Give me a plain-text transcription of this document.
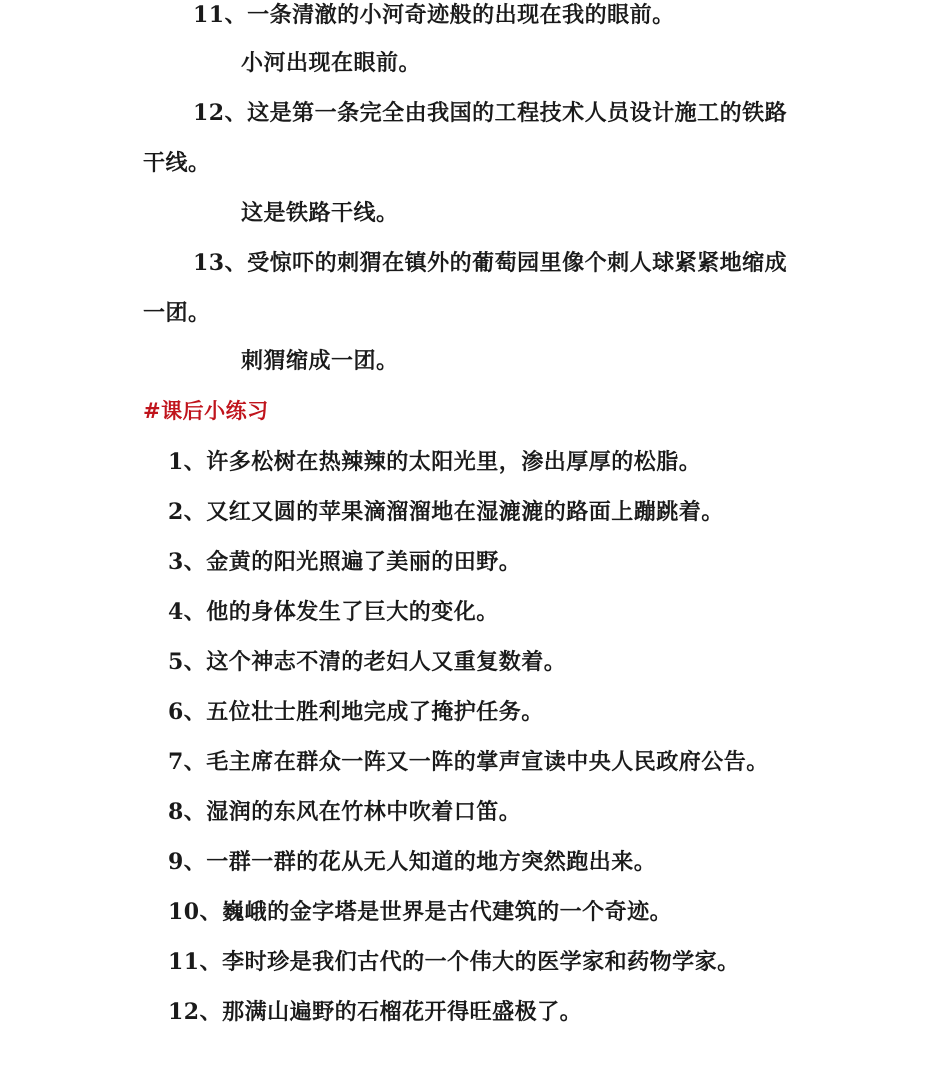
11、一条清澈的小河奇迹般的出现在我的眼前。
小河出现在眼前。
12、这是第一条完全由我国的工程技术人员设计施工的铁路
干线。
这是铁路干线。
13、受惊吓的刺猬在镇外的葡萄园里像个刺人球紧紧地缩成
一团。
刺猬缩成一团。
#课后小练习
1、许多松树在热辣辣的太阳光里，渗出厚厚的松脂。
2、又红又圆的苹果滴溜溜地在湿漉漉的路面上蹦跳着。
3、金黄的阳光照遍了美丽的田野。
4、他的身体发生了巨大的变化。
5、这个神志不清的老妇人又重复数着。
6、五位壮士胜利地完成了掩护任务。
7、毛主席在群众一阵又一阵的掌声宣读中央人民政府公告。
8、湿润的东风在竹林中吹着口笛。
9、一群一群的花从无人知道的地方突然跑出来。
10、巍峨的金字塔是世界是古代建筑的一个奇迹。
11、李时珍是我们古代的一个伟大的医学家和药物学家。
12、那满山遍野的石榴花开得旺盛极了。
